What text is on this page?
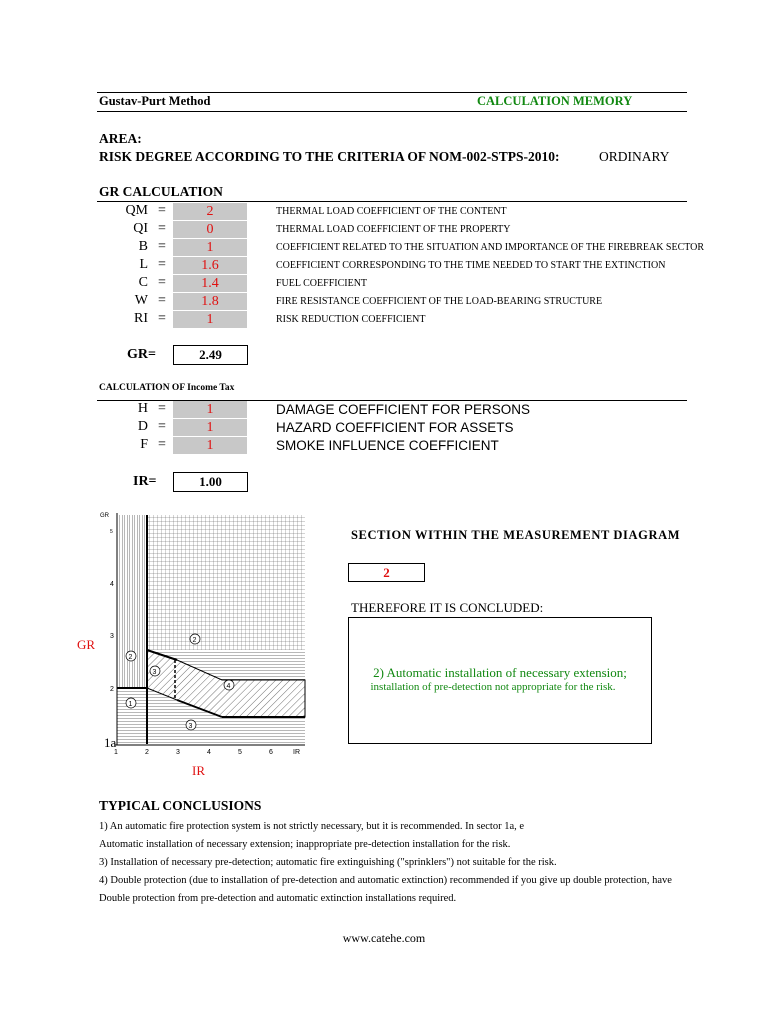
Gustav-Purt Method	CALCULATION MEMORY
AREA:
RISK DEGREE ACCORDING TO THE CRITERIA OF NOM-002-STPS-2010:	ORDINARY
GR CALCULATION
QM =	2	THERMAL LOAD COEFFICIENT OF THE CONTENT
QI =	0	THERMAL LOAD COEFFICIENT OF THE PROPERTY
B =	1	COEFFICIENT RELATED TO THE SITUATION AND IMPORTANCE OF THE FIREBREAK SECTOR
L =	1.6	COEFFICIENT CORRESPONDING TO THE TIME NEEDED TO START THE EXTINCTION
C =	1.4	FUEL COEFFICIENT
W =	1.8	FIRE RESISTANCE COEFFICIENT OF THE LOAD-BEARING STRUCTURE
RI =	1	RISK REDUCTION COEFFICIENT
GR=	2.49
CALCULATION OF Income Tax
H =	1	DAMAGE COEFFICIENT FOR PERSONS
D =	1	HAZARD COEFFICIENT FOR ASSETS
F =	1	SMOKE INFLUENCE COEFFICIENT
IR=	1.00
2
3
4
5
GR
1	2	3	4	5	6	IR
1
2
2
3
4
3
GR
1a
IR
SECTION WITHIN THE MEASUREMENT DIAGRAM
2
THEREFORE IT IS CONCLUDED:
2) Automatic installation of necessary extension;
installation of pre-detection not appropriate for the risk.
TYPICAL CONCLUSIONS
1) An automatic fire protection system is not strictly necessary, but it is recommended. In sector 1a, e
Automatic installation of necessary extension; inappropriate pre-detection installation for the risk.
3) Installation of necessary pre-detection; automatic fire extinguishing ("sprinklers") not suitable for the risk.
4) Double protection (due to installation of pre-detection and automatic extinction) recommended if you give up double protection, have
Double protection from pre-detection and automatic extinction installations required.
www.catehe.com
